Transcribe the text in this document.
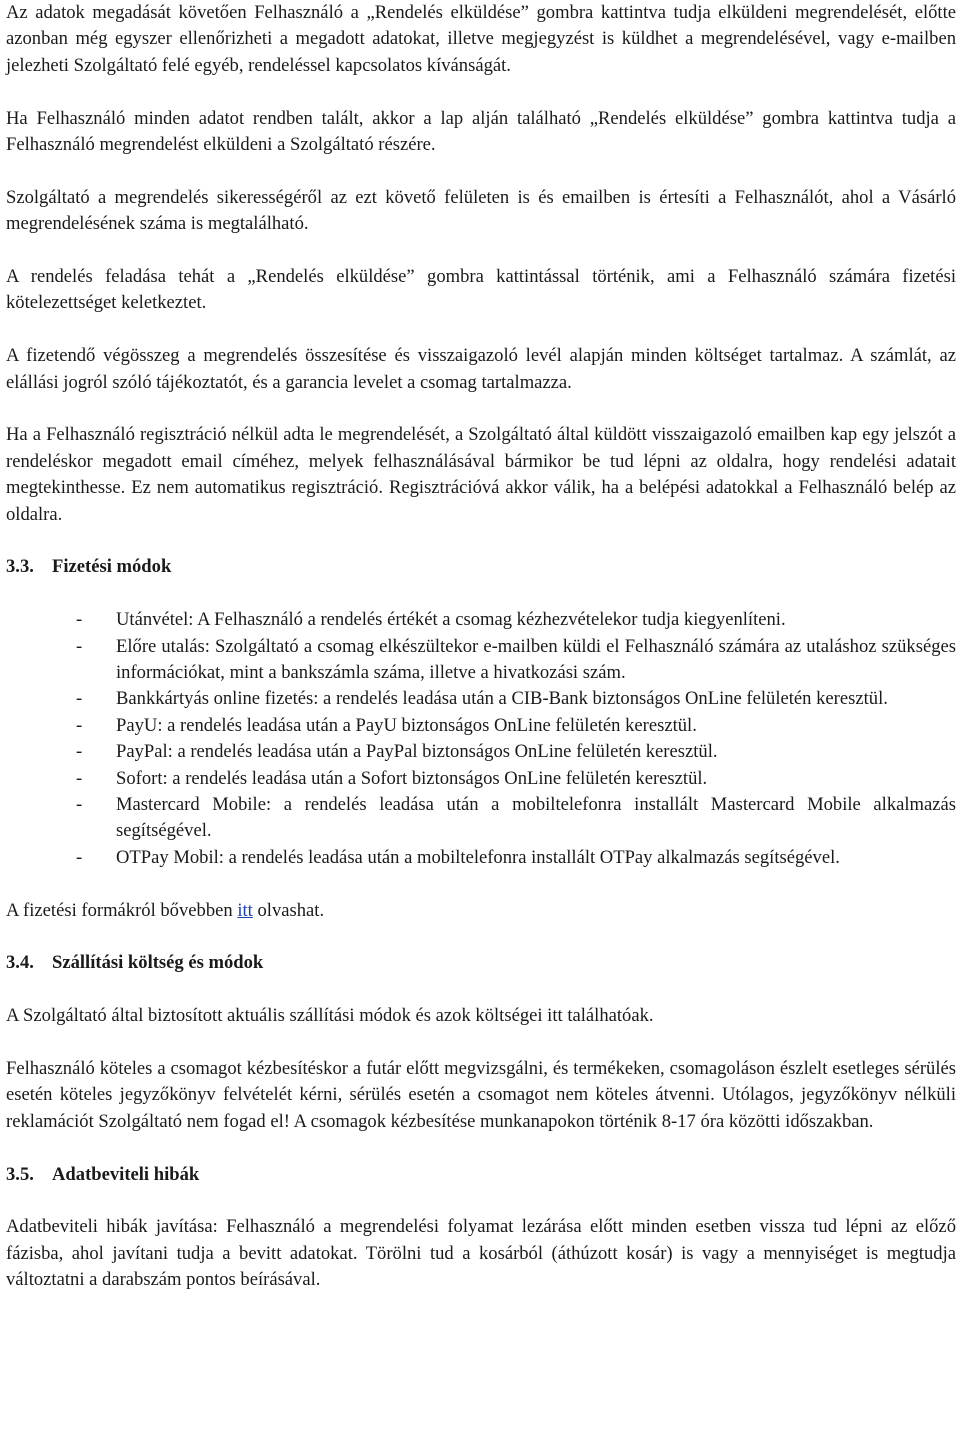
Az adatok megadását követően Felhasználó a „Rendelés elküldése” gombra kattintva tudja elküldeni megrendelését, előtte azonban még egyszer ellenőrizheti a megadott adatokat, illetve megjegyzést is küldhet a megrendelésével, vagy e-mailben jelezheti Szolgáltató felé egyéb, rendeléssel kapcsolatos kívánságát.

Ha Felhasználó minden adatot rendben talált, akkor a lap alján található „Rendelés elküldése” gombra kattintva tudja a Felhasználó megrendelést elküldeni a Szolgáltató részére.

Szolgáltató a megrendelés sikerességéről az ezt követő felületen is és emailben is értesíti a Felhasználót, ahol a Vásárló megrendelésének száma is megtalálható.

A rendelés feladása tehát a „Rendelés elküldése” gombra kattintással történik, ami a Felhasználó számára fizetési kötelezettséget keletkeztet.

A fizetendő végösszeg a megrendelés összesítése és visszaigazoló levél alapján minden költséget tartalmaz. A számlát, az elállási jogról szóló tájékoztatót, és a garancia levelet a csomag tartalmazza.

Ha a Felhasználó regisztráció nélkül adta le megrendelését, a Szolgáltató által küldött visszaigazoló emailben kap egy jelszót a rendeléskor megadott email címéhez, melyek felhasználásával bármikor be tud lépni az oldalra, hogy rendelési adatait megtekinthesse. Ez nem automatikus regisztráció. Regisztrációvá akkor válik, ha a belépési adatokkal a Felhasználó belép az oldalra.

3.3. Fizetési módok
- Utánvétel: A Felhasználó a rendelés értékét a csomag kézhezvételekor tudja kiegyenlíteni.
- Előre utalás: Szolgáltató a csomag elkészültekor e-mailben küldi el Felhasználó számára az utaláshoz szükséges információkat, mint a bankszámla száma, illetve a hivatkozási szám.
- Bankkártyás online fizetés: a rendelés leadása után a CIB-Bank biztonságos OnLine felületén keresztül.
- PayU: a rendelés leadása után a PayU biztonságos OnLine felületén keresztül.
- PayPal: a rendelés leadása után a PayPal biztonságos OnLine felületén keresztül.
- Sofort: a rendelés leadása után a Sofort biztonságos OnLine felületén keresztül.
- Mastercard Mobile: a rendelés leadása után a mobiltelefonra installált Mastercard Mobile alkalmazás segítségével.
- OTPay Mobil: a rendelés leadása után a mobiltelefonra installált OTPay alkalmazás segítségével.

A fizetési formákról bővebben itt olvashat.

3.4. Szállítási költség és módok

A Szolgáltató által biztosított aktuális szállítási módok és azok költségei itt találhatóak.

Felhasználó köteles a csomagot kézbesítéskor a futár előtt megvizsgálni, és termékeken, csomagoláson észlelt esetleges sérülés esetén köteles jegyzőkönyv felvételét kérni, sérülés esetén a csomagot nem köteles átvenni. Utólagos, jegyzőkönyv nélküli reklamációt Szolgáltató nem fogad el! A csomagok kézbesítése munkanapokon történik 8-17 óra közötti időszakban.

3.5. Adatbeviteli hibák

Adatbeviteli hibák javítása: Felhasználó a megrendelési folyamat lezárása előtt minden esetben vissza tud lépni az előző fázisba, ahol javítani tudja a bevitt adatokat. Törölni tud a kosárból (áthúzott kosár) is vagy a mennyiséget is megtudja változtatni a darabszám pontos beírásával.
